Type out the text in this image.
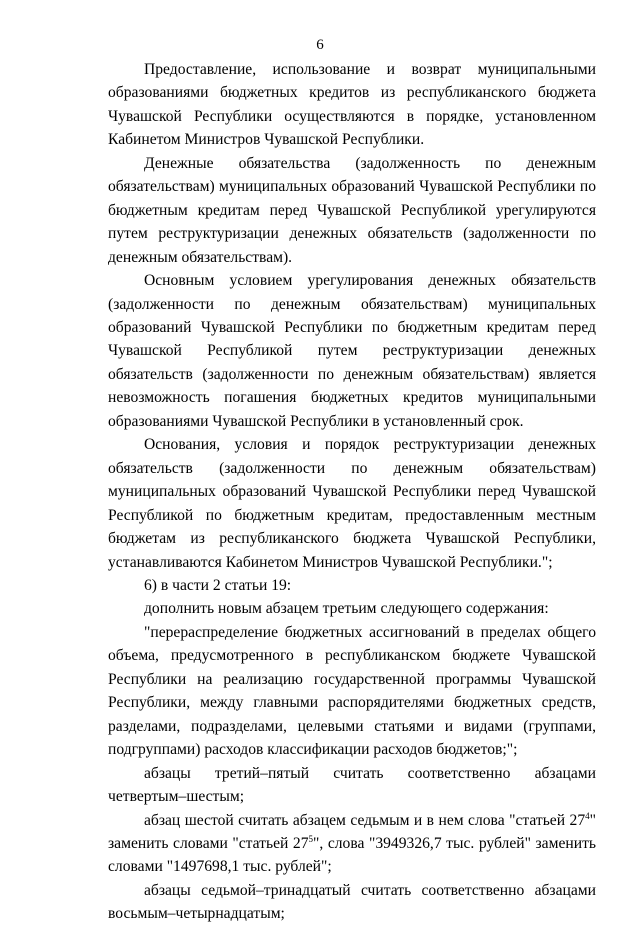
6

Предоставление, использование и возврат муниципальными образованиями бюджетных кредитов из республиканского бюджета Чувашской Республики осуществляются в порядке, установленном Кабинетом Министров Чувашской Республики.

Денежные обязательства (задолженность по денежным обязательствам) муниципальных образований Чувашской Республики по бюджетным кредитам перед Чувашской Республикой урегулируются путем реструктуризации денежных обязательств (задолженности по денежным обязательствам).

Основным условием урегулирования денежных обязательств (задолженности по денежным обязательствам) муниципальных образований Чувашской Республики по бюджетным кредитам перед Чувашской Республикой путем реструктуризации денежных обязательств (задолженности по денежным обязательствам) является невозможность погашения бюджетных кредитов муниципальными образованиями Чувашской Республики в установленный срок.

Основания, условия и порядок реструктуризации денежных обязательств (задолженности по денежным обязательствам) муниципальных образований Чувашской Республики перед Чувашской Республикой по бюджетным кредитам, предоставленным местным бюджетам из республиканского бюджета Чувашской Республики, устанавливаются Кабинетом Министров Чувашской Республики.";

6) в части 2 статьи 19:

дополнить новым абзацем третьим следующего содержания:

"перераспределение бюджетных ассигнований в пределах общего объема, предусмотренного в республиканском бюджете Чувашской Республики на реализацию государственной программы Чувашской Республики, между главными распорядителями бюджетных средств, разделами, подразделами, целевыми статьями и видами (группами, подгруппами) расходов классификации расходов бюджетов;";

абзацы третий–пятый считать соответственно абзацами четвертым–шестым;

абзац шестой считать абзацем седьмым и в нем слова "статьей $27^4$" заменить словами "статьей $27^5$", слова "3949326,7 тыс. рублей" заменить словами "1497698,1 тыс. рублей";

абзацы седьмой–тринадцатый считать соответственно абзацами восьмым–четырнадцатым;
